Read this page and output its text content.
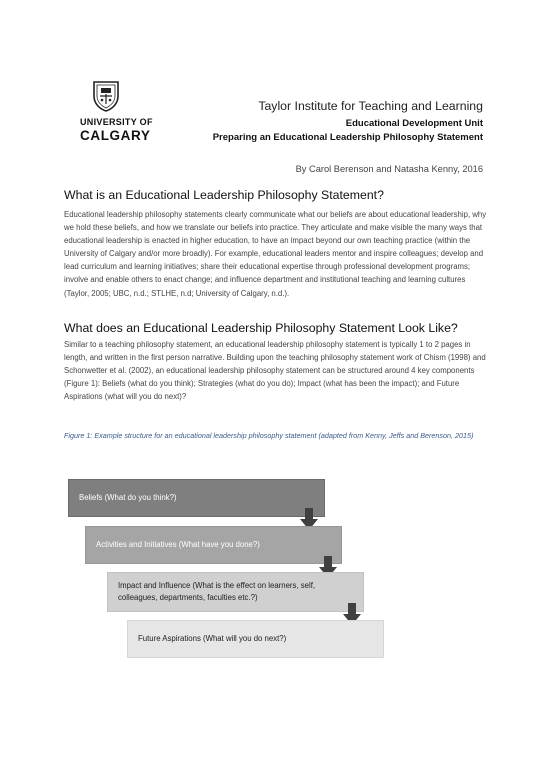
UNIVERSITY OF
CALGARY
Taylor Institute for Teaching and Learning
Educational Development Unit
Preparing an Educational Leadership Philosophy Statement
By Carol Berenson and Natasha Kenny, 2016
What is an Educational Leadership Philosophy Statement?

Educational leadership philosophy statements clearly communicate what our beliefs are about educational leadership, why we hold these beliefs, and how we translate our beliefs into practice. They articulate and make visible the many ways that educational leadership is enacted in higher education, to have an impact beyond our own teaching practice (within the University of Calgary and/or more broadly). For example, educational leaders mentor and inspire colleagues; develop and lead curriculum and learning initiatives; share their educational expertise through professional development programs; involve and enable others to enact change; and influence department and institutional teaching and learning cultures (Taylor, 2005; UBC, n.d.; STLHE, n.d; University of Calgary, n.d.).

What does an Educational Leadership Philosophy Statement Look Like?

Similar to a teaching philosophy statement, an educational leadership philosophy statement is typically 1 to 2 pages in length, and written in the first person narrative. Building upon the teaching philosophy statement work of Chism (1998) and Schonwetter et al. (2002), an educational leadership philosophy statement can be structured around 4 key components (Figure 1): Beliefs (what do you think); Strategies (what do you do); Impact (what has been the impact); and Future Aspirations (what will you do next)?

Figure 1: Example structure for an educational leadership philosophy statement (adapted from Kenny, Jeffs and Berenson, 2015)

Beliefs (What do you think?)
Activities and Initiatives (What have you done?)
Impact and Influence (What is the effect on learners, self, colleagues, departments, faculties etc.?)
Future Aspirations (What will you do next?)
